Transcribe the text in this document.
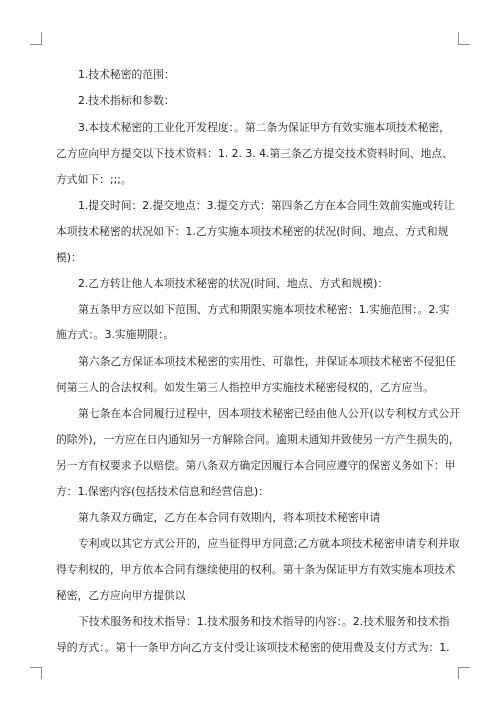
1.技术秘密的范围：
2.技术指标和参数：
3.本技术秘密的工业化开发程度：。第二条为保证甲方有效实施本项技术秘密，
乙方应向甲方提交以下技术资料：1. 2. 3. 4.第三条乙方提交技术资料时间、地点、
方式如下：;;;。
1.提交时间：2.提交地点：3.提交方式：第四条乙方在本合同生效前实施或转让
本项技术秘密的状况如下：1.乙方实施本项技术秘密的状况(时间、地点、方式和规
模)：
2.乙方转让他人本项技术秘密的状况(时间、地点、方式和规模)：
第五条甲方应以如下范围、方式和期限实施本项技术秘密：1.实施范围：。2.实
施方式：。3.实施期限：。
第六条乙方保证本项技术秘密的实用性、可靠性，并保证本项技术秘密不侵犯任
何第三人的合法权利。如发生第三人指控甲方实施技术秘密侵权的，乙方应当。
第七条在本合同履行过程中，因本项技术秘密已经由他人公开(以专利权方式公开
的除外)，一方应在日内通知另一方解除合同。逾期未通知并致使另一方产生损失的，
另一方有权要求予以赔偿。第八条双方确定因履行本合同应遵守的保密义务如下：甲
方：1.保密内容(包括技术信息和经营信息)：
第九条双方确定，乙方在本合同有效期内，将本项技术秘密申请
专利或以其它方式公开的，应当征得甲方同意;乙方就本项技术秘密申请专利并取
得专利权的，甲方依本合同有继续使用的权利。第十条为保证甲方有效实施本项技术
秘密，乙方应向甲方提供以
下技术服务和技术指导：1.技术服务和技术指导的内容：。2.技术服务和技术指
导的方式：。第十一条甲方向乙方支付受让该项技术秘密的使用费及支付方式为：1.
